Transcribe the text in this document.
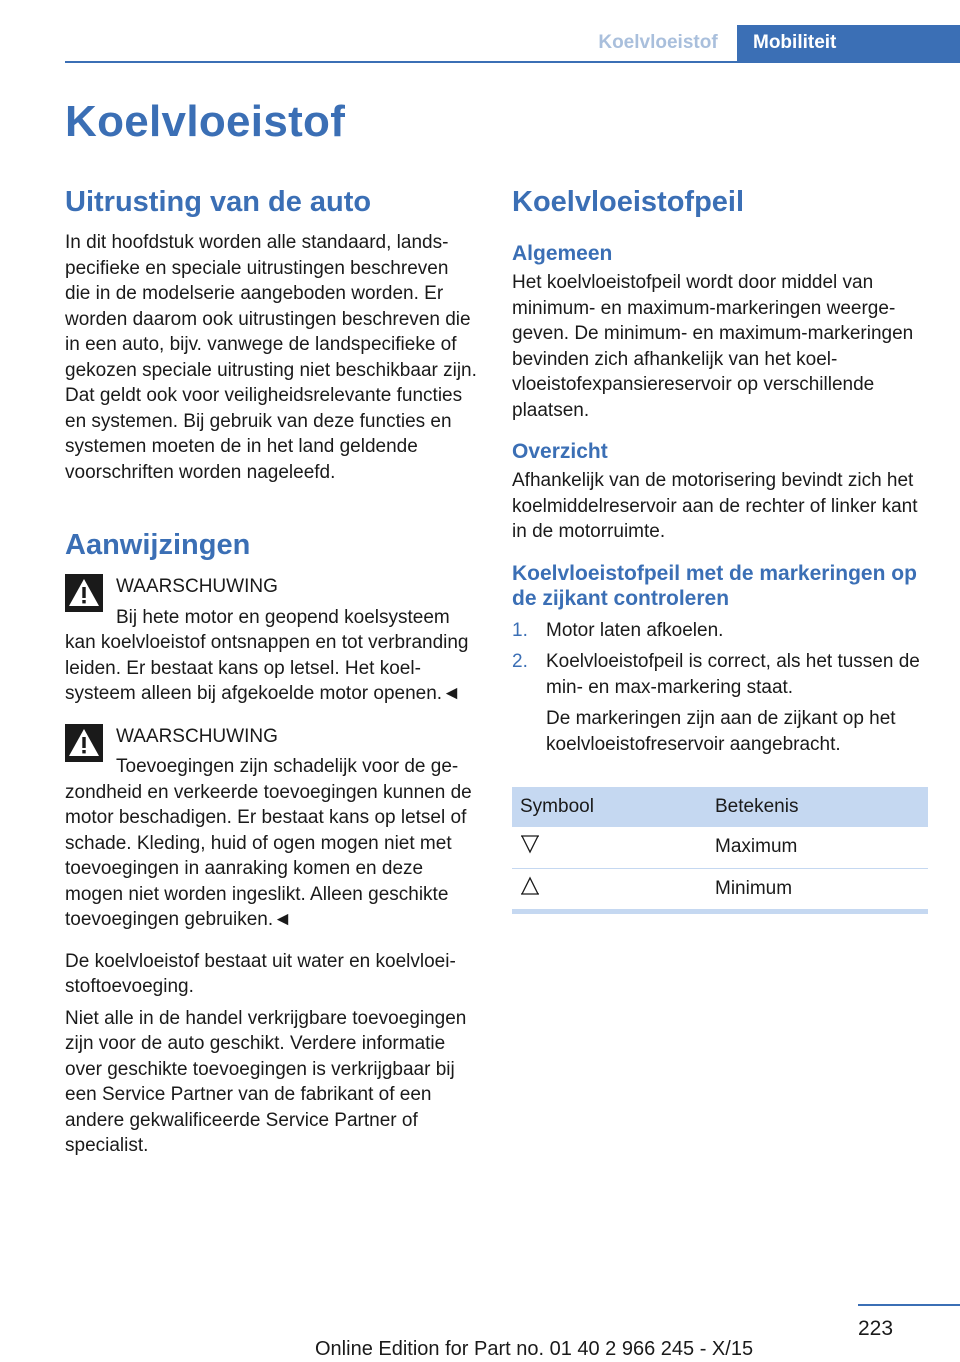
Koelvloeistof	Mobiliteit
Koelvloeistof
Uitrusting van de auto

In dit hoofdstuk worden alle standaard, landspecifieke en speciale uitrustingen beschreven die in de modelserie aangeboden worden. Er worden daarom ook uitrustingen beschreven die in een auto, bijv. vanwege de landspecifieke of gekozen speciale uitrusting niet beschikbaar zijn. Dat geldt ook voor veiligheidsrelevante functies en systemen. Bij gebruik van deze functies en systemen moeten de in het land geldende voorschriften worden nageleefd.

Aanwijzingen
WAARSCHUWING

Bij hete motor en geopend koelsysteem kan koelvloeistof ontsnappen en tot verbranding leiden. Er bestaat kans op letsel. Het koelsysteem alleen bij afgekoelde motor openen.◄

WAARSCHUWING

Toevoegingen zijn schadelijk voor de gezondheid en verkeerde toevoegingen kunnen de motor beschadigen. Er bestaat kans op letsel of schade. Kleding, huid of ogen mogen niet met toevoegingen in aanraking komen en deze mogen niet worden ingeslikt. Alleen geschikte toevoegingen gebruiken.◄

De koelvloeistof bestaat uit water en koelvloeistoftoevoeging.

Niet alle in de handel verkrijgbare toevoegingen zijn voor de auto geschikt. Verdere informatie over geschikte toevoegingen is verkrijgbaar bij een Service Partner van de fabrikant of een andere gekwalificeerde Service Partner of specialist.

Koelvloeistofpeil
Algemeen

Het koelvloeistofpeil wordt door middel van minimum- en maximum-markeringen weergegeven. De minimum- en maximum-markeringen bevinden zich afhankelijk van het koelvloeistofexpansiereservoir op verschillende plaatsen.

Overzicht

Afhankelijk van de motorisering bevindt zich het koelmiddelreservoir aan de rechter of linker kant in de motorruimte.

Koelvloeistofpeil met de markeringen op de zijkant controleren
1. Motor laten afkoelen.
2. Koelvloeistofpeil is correct, als het tussen de min- en max-markering staat.
De markeringen zijn aan de zijkant op het koelvloeistofreservoir aangebracht.
Symbool	Betekenis
	Maximum
	Minimum
223
Online Edition for Part no. 01 40 2 966 245 - X/15
